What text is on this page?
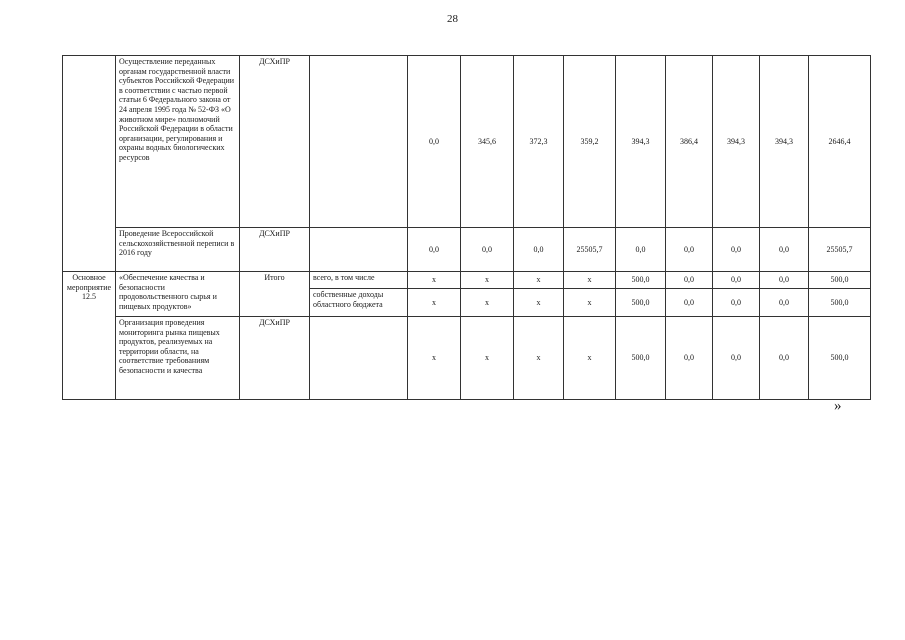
28
	Осуществление переданных органам государственной власти субъектов Российской Федерации в соответствии с частью первой статьи 6 Федерального закона от 24 апреля 1995 года № 52-ФЗ «О животном мире» полномочий Российской Федерации в области организации, регулирования и охраны водных биологических ресурсов	ДСХиПР		0,0	345,6	372,3	359,2	394,3	386,4	394,3	394,3	2646,4
	Проведение Всероссийской сельскохозяйственной переписи в 2016 году	ДСХиПР		0,0	0,0	0,0	25505,7	0,0	0,0	0,0	0,0	25505,7
Основное мероприятие 12.5	«Обеспечение качества и безопасности продовольственного сырья и пищевых продуктов»	Итого	всего, в том числе	x	x	x	x	500,0	0,0	0,0	0,0	500,0
			собственные доходы областного бюджета	x	x	x	x	500,0	0,0	0,0	0,0	500,0
	Организация проведения мониторинга рынка пищевых продуктов, реализуемых на территории области, на соответствие требованиям безопасности и качества	ДСХиПР		x	x	x	x	500,0	0,0	0,0	0,0	500,0
»
